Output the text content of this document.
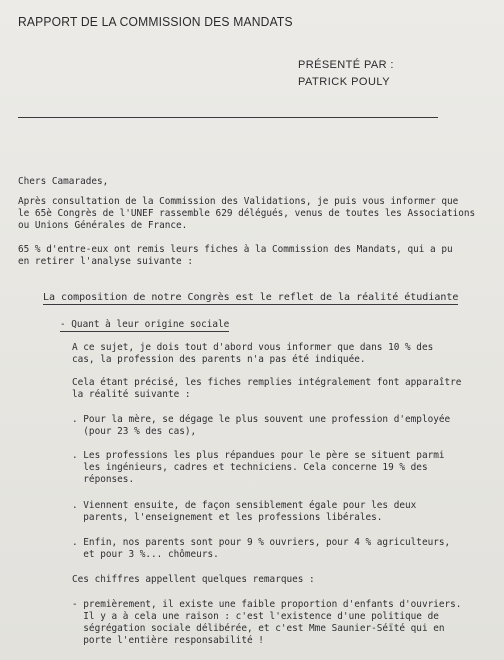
RAPPORT DE LA COMMISSION DES MANDATS
PRÉSENTÉ PAR :
PATRICK POULY
Chers Camarades,
Après consultation de la Commission des Validations, je puis vous informer que
le 65è Congrès de l'UNEF rassemble 629 délégués, venus de toutes les Associations
ou Unions Générales de France.
65 % d'entre-eux ont remis leurs fiches à la Commission des Mandats, qui a pu
en retirer l'analyse suivante :
La composition de notre Congrès est le reflet de la réalité étudiante
- Quant à leur origine sociale
A ce sujet, je dois tout d'abord vous informer que dans 10 % des
cas, la profession des parents n'a pas été indiquée.
Cela étant précisé, les fiches remplies intégralement font apparaître
la réalité suivante :
. Pour la mère, se dégage le plus souvent une profession d'employée
(pour 23 % des cas),
. Les professions les plus répandues pour le père se situent parmi
les ingénieurs, cadres et techniciens. Cela concerne 19 % des
réponses.
. Viennent ensuite, de façon sensiblement égale pour les deux
parents, l'enseignement et les professions libérales.
. Enfin, nos parents sont pour 9 % ouvriers, pour 4 % agriculteurs,
et pour 3 %... chômeurs.
Ces chiffres appellent quelques remarques :
- premièrement, il existe une faible proportion d'enfants d'ouvriers.
Il y a à cela une raison : c'est l'existence d'une politique de
ségrégation sociale délibérée, et c'est Mme Saunier-Séïté qui en
porte l'entière responsabilité !
